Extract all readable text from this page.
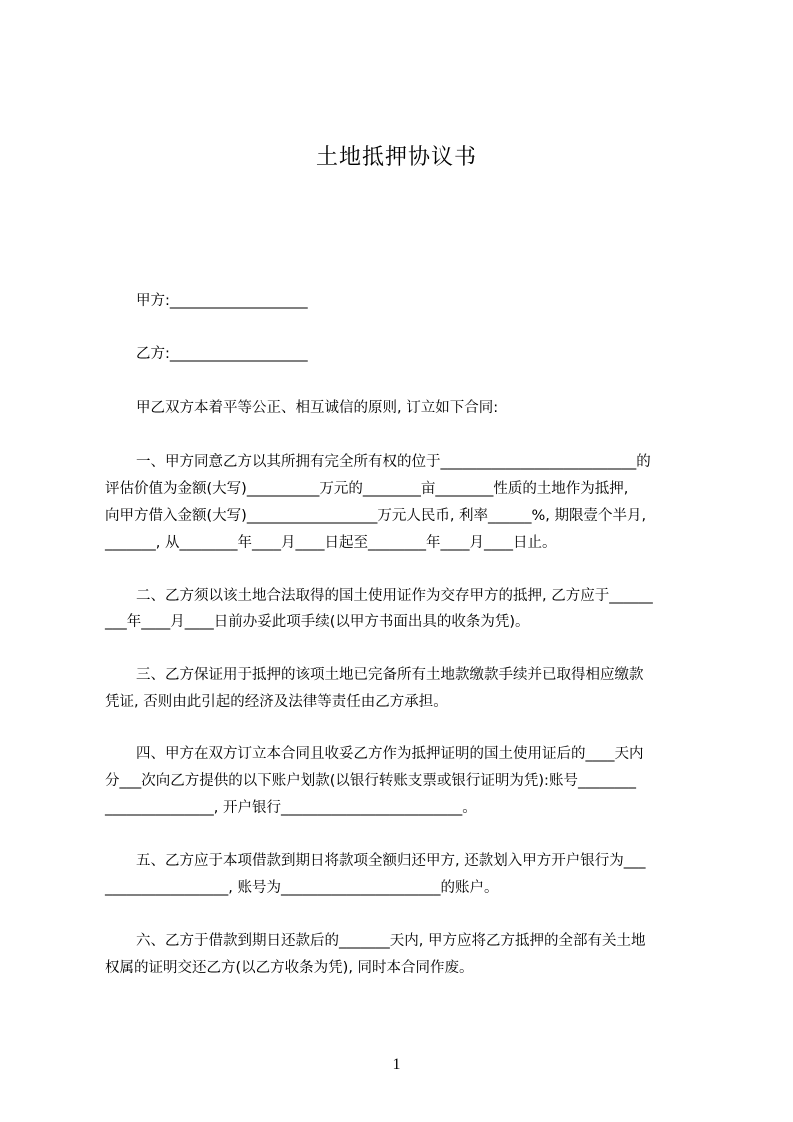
土地抵押协议书
甲方:___________________
乙方:___________________
甲乙双方本着平等公正、相互诚信的原则, 订立如下合同:
一、甲方同意乙方以其所拥有完全所有权的位于___________________________的
评估价值为金额(大写)__________万元的________亩________性质的土地作为抵押,
向甲方借入金额(大写)__________________万元人民币, 利率______%, 期限壹个半月,
_______, 从________年____月____日起至________年____月____日止。
二、乙方须以该土地合法取得的国土使用证作为交存甲方的抵押, 乙方应于______
___年____月____日前办妥此项手续(以甲方书面出具的收条为凭)。
三、乙方保证用于抵押的该项土地已完备所有土地款缴款手续并已取得相应缴款
凭证, 否则由此引起的经济及法律等责任由乙方承担。
四、甲方在双方订立本合同且收妥乙方作为抵押证明的国土使用证后的____天内
分___次向乙方提供的以下账户划款(以银行转账支票或银行证明为凭):账号________
_______________, 开户银行_________________________。
五、乙方应于本项借款到期日将款项全额归还甲方, 还款划入甲方开户银行为___
_________________, 账号为______________________的账户。
六、乙方于借款到期日还款后的_______天内, 甲方应将乙方抵押的全部有关土地
权属的证明交还乙方(以乙方收条为凭), 同时本合同作废。
1
